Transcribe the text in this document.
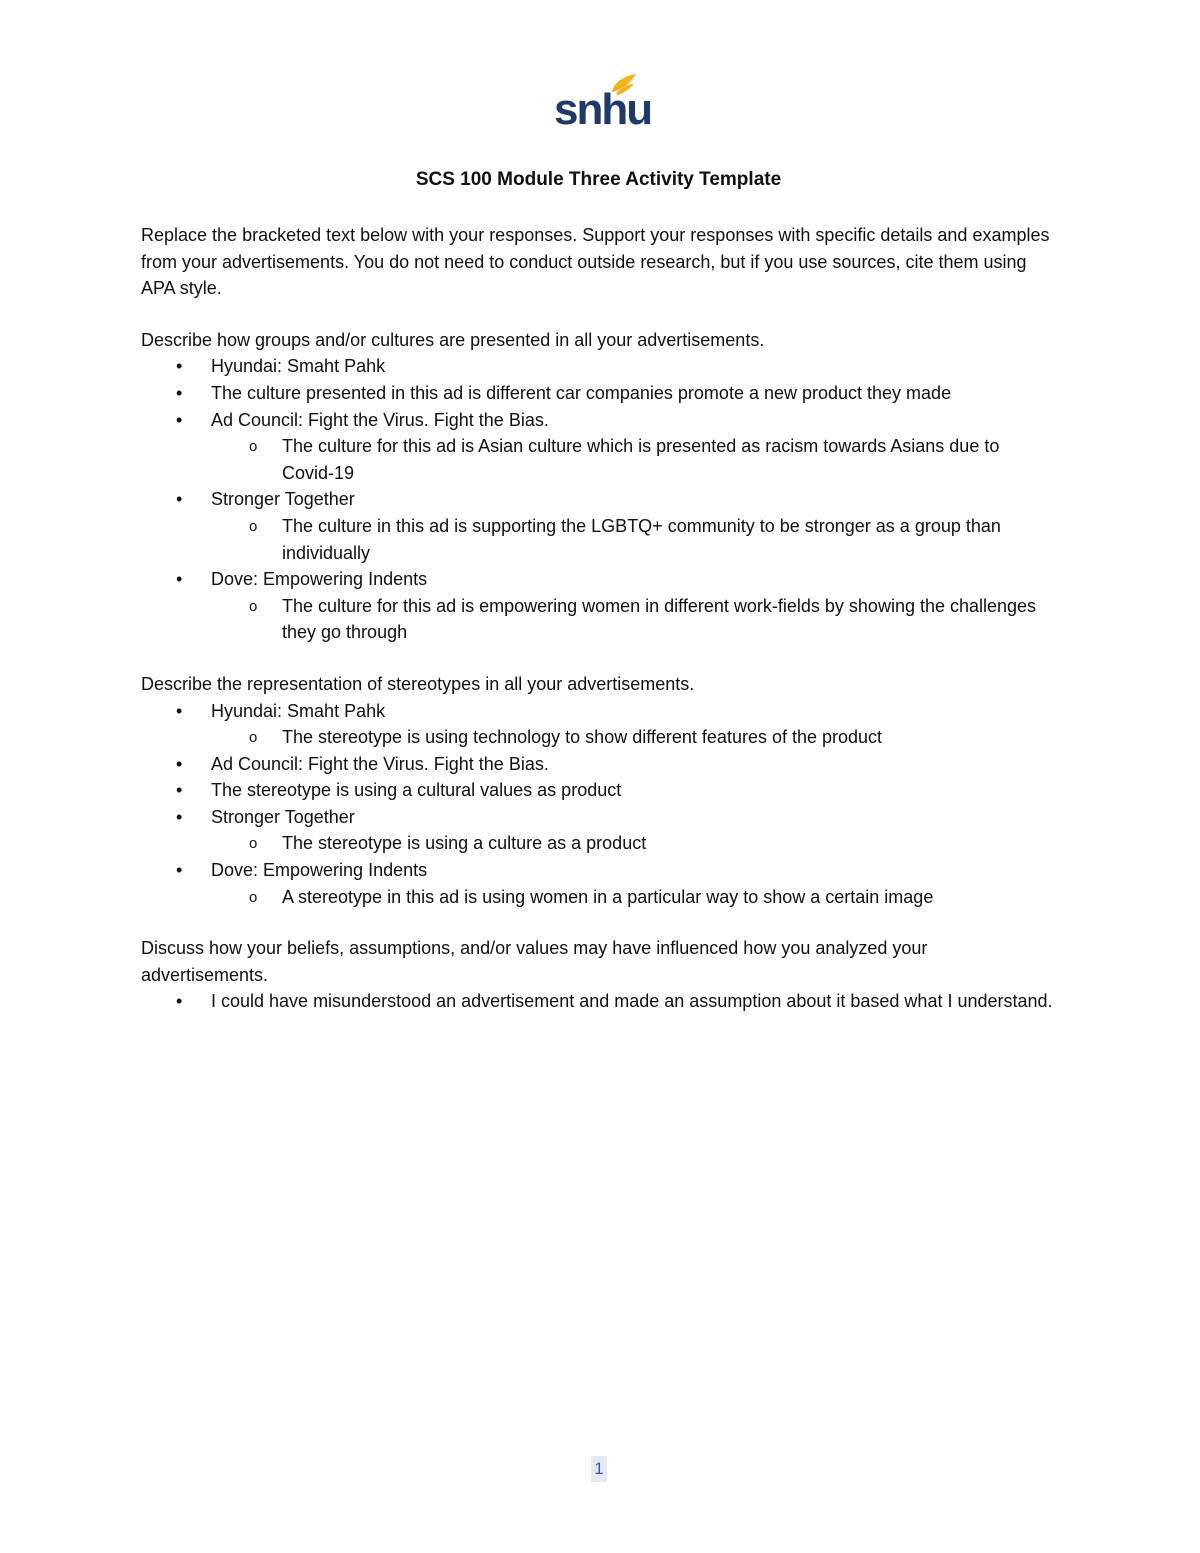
snhu
SCS 100 Module Three Activity Template

Replace the bracketed text below with your responses. Support your responses with specific details and examples from your advertisements. You do not need to conduct outside research, but if you use sources, cite them using APA style.

Describe how groups and/or cultures are presented in all your advertisements.

• Hyundai: Smaht Pahk
• The culture presented in this ad is different car companies promote a new product they made
• Ad Council: Fight the Virus. Fight the Bias.
o The culture for this ad is Asian culture which is presented as racism towards Asians due to Covid-19
• Stronger Together
o The culture in this ad is supporting the LGBTQ+ community to be stronger as a group than individually
• Dove: Empowering Indents
o The culture for this ad is empowering women in different work-fields by showing the challenges they go through

Describe the representation of stereotypes in all your advertisements.

• Hyundai: Smaht Pahk
o The stereotype is using technology to show different features of the product
• Ad Council: Fight the Virus. Fight the Bias.
• The stereotype is using a cultural values as product
• Stronger Together
o The stereotype is using a culture as a product
• Dove: Empowering Indents
o A stereotype in this ad is using women in a particular way to show a certain image

Discuss how your beliefs, assumptions, and/or values may have influenced how you analyzed your advertisements.

• I could have misunderstood an advertisement and made an assumption about it based what I understand.
1
